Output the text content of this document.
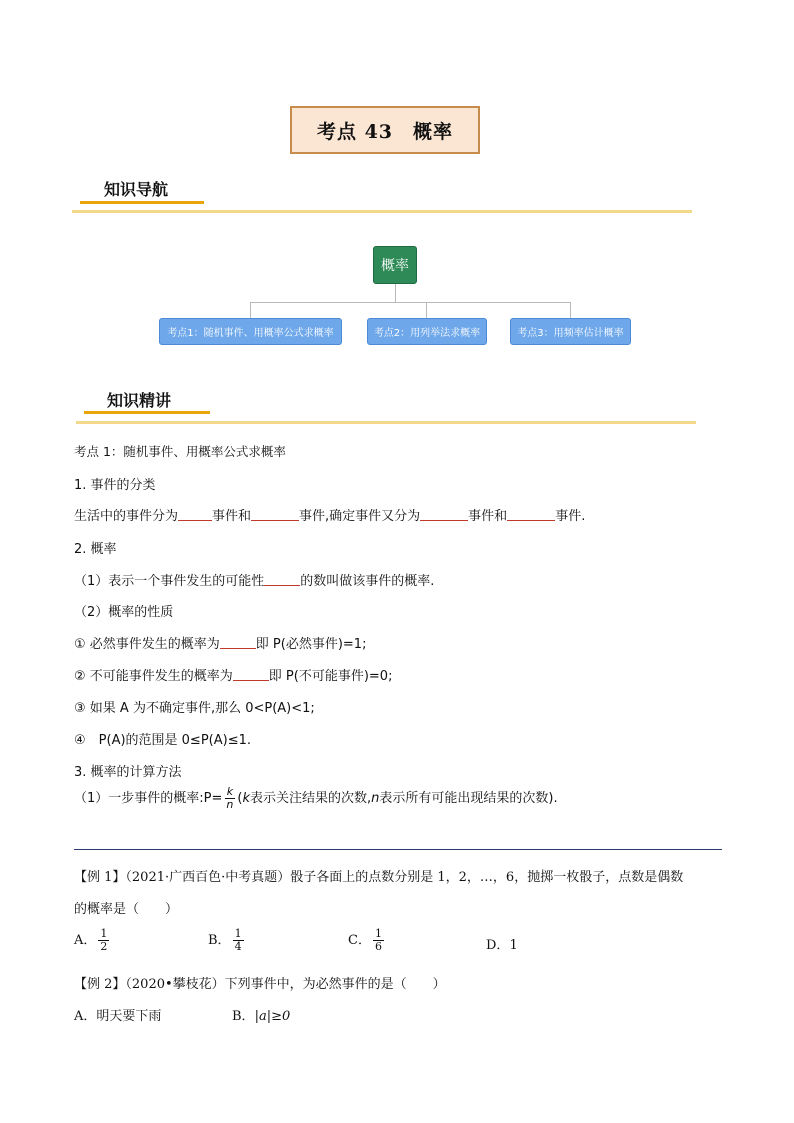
考点 43　概率
知识导航
概率
考点1：随机事件、用概率公式求概率	考点2：用列举法求概率	考点3：用频率估计概率
知识精讲
考点 1：随机事件、用概率公式求概率
1. 事件的分类
生活中的事件分为	事件和	事件,确定事件又分为	事件和	事件.
2. 概率
（1）表示一个事件发生的可能性	的数叫做该事件的概率.
（2）概率的性质
① 必然事件发生的概率为	即 P(必然事件)=1;
② 不可能事件发生的概率为	即 P(不可能事件)=0;
③ 如果 A 为不确定事件,那么 0<P(A)<1;
④　P(A)的范围是 0≤P(A)≤1.
3. 概率的计算方法
（1）一步事件的概率:P= $\frac{k}{n} (k$表示关注结果的次数,n表示所有可能出现结果的次数).
【例 1】（2021·广西百色·中考真题）骰子各面上的点数分别是 1，2，…，6，抛掷一枚骰子，点数是偶数
的概率是（　　）
A． $\frac{1}{2}$	B． $\frac{1}{4}$	C． $\frac{1}{6}$	D．1
【例 2】（2020•攀枝花）下列事件中，为必然事件的是（　　）
A．明天要下雨	B．|a|≥0
